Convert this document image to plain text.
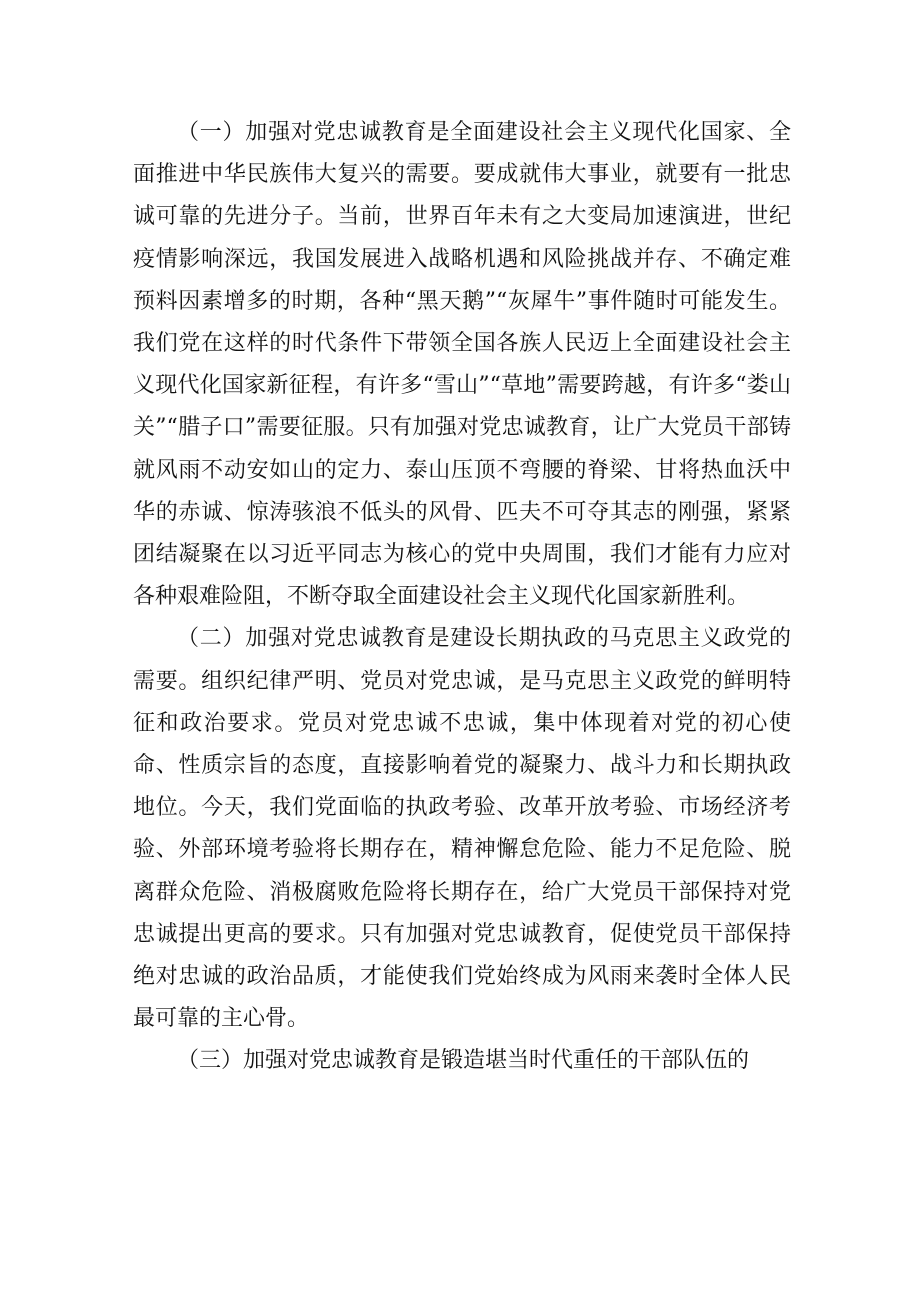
（一）加强对党忠诚教育是全面建设社会主义现代化国家、全面推进中华民族伟大复兴的需要。要成就伟大事业，就要有一批忠诚可靠的先进分子。当前，世界百年未有之大变局加速演进，世纪疫情影响深远，我国发展进入战略机遇和风险挑战并存、不确定难预料因素增多的时期，各种“黑天鹅”“灰犀牛”事件随时可能发生。我们党在这样的时代条件下带领全国各族人民迈上全面建设社会主义现代化国家新征程，有许多“雪山”“草地”需要跨越，有许多“娄山关”“腊子口”需要征服。只有加强对党忠诚教育，让广大党员干部铸就风雨不动安如山的定力、泰山压顶不弯腰的脊梁、甘将热血沃中华的赤诚、惊涛骇浪不低头的风骨、匹夫不可夺其志的刚强，紧紧团结凝聚在以习近平同志为核心的党中央周围，我们才能有力应对各种艰难险阻，不断夺取全面建设社会主义现代化国家新胜利。

（二）加强对党忠诚教育是建设长期执政的马克思主义政党的需要。组织纪律严明、党员对党忠诚，是马克思主义政党的鲜明特征和政治要求。党员对党忠诚不忠诚，集中体现着对党的初心使命、性质宗旨的态度，直接影响着党的凝聚力、战斗力和长期执政地位。今天，我们党面临的执政考验、改革开放考验、市场经济考验、外部环境考验将长期存在，精神懈怠危险、能力不足危险、脱离群众危险、消极腐败危险将长期存在，给广大党员干部保持对党忠诚提出更高的要求。只有加强对党忠诚教育，促使党员干部保持绝对忠诚的政治品质，才能使我们党始终成为风雨来袭时全体人民最可靠的主心骨。

（三）加强对党忠诚教育是锻造堪当时代重任的干部队伍的
